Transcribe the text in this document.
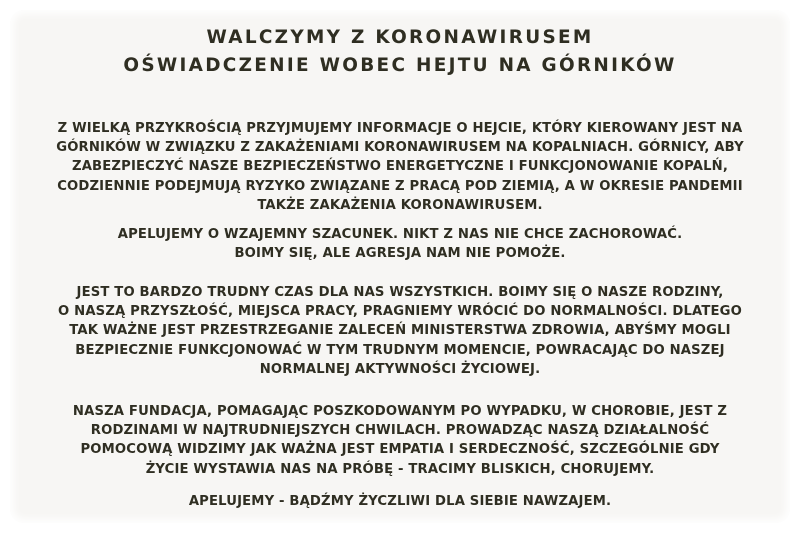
WALCZYMY Z KORONAWIRUSEM
OŚWIADCZENIE WOBEC HEJTU NA GÓRNIKÓW
Z WIELKĄ PRZYKROŚCIĄ PRZYJMUJEMY INFORMACJE O HEJCIE, KTÓRY KIEROWANY JEST NA
GÓRNIKÓW W ZWIĄZKU Z ZAKAŻENIAMI KORONAWIRUSEM NA KOPALNIACH. GÓRNICY, ABY
ZABEZPIECZYĆ NASZE BEZPIECZEŃSTWO ENERGETYCZNE I FUNKCJONOWANIE KOPALŃ,
CODZIENNIE PODEJMUJĄ RYZYKO ZWIĄZANE Z PRACĄ POD ZIEMIĄ, A W OKRESIE PANDEMII
TAKŻE ZAKAŻENIA KORONAWIRUSEM.
APELUJEMY O WZAJEMNY SZACUNEK. NIKT Z NAS NIE CHCE ZACHOROWAĆ.
BOIMY SIĘ, ALE AGRESJA NAM NIE POMOŻE.
JEST TO BARDZO TRUDNY CZAS DLA NAS WSZYSTKICH. BOIMY SIĘ O NASZE RODZINY,
O NASZĄ PRZYSZŁOŚĆ, MIEJSCA PRACY, PRAGNIEMY WRÓCIĆ DO NORMALNOŚCI. DLATEGO
TAK WAŻNE JEST PRZESTRZEGANIE ZALECEŃ MINISTERSTWA ZDROWIA, ABYŚMY MOGLI
BEZPIECZNIE FUNKCJONOWAĆ W TYM TRUDNYM MOMENCIE, POWRACAJĄC DO NASZEJ
NORMALNEJ AKTYWNOŚCI ŻYCIOWEJ.
NASZA FUNDACJA, POMAGAJĄC POSZKODOWANYM PO WYPADKU, W CHOROBIE, JEST Z
RODZINAMI W NAJTRUDNIEJSZYCH CHWILACH. PROWADZĄC NASZĄ DZIAŁALNOŚĆ
POMOCOWĄ WIDZIMY JAK WAŻNA JEST EMPATIA I SERDECZNOŚĆ, SZCZEGÓLNIE GDY
ŻYCIE WYSTAWIA NAS NA PRÓBĘ - TRACIMY BLISKICH, CHORUJEMY.
APELUJEMY - BĄDŹMY ŻYCZLIWI DLA SIEBIE NAWZAJEM.
